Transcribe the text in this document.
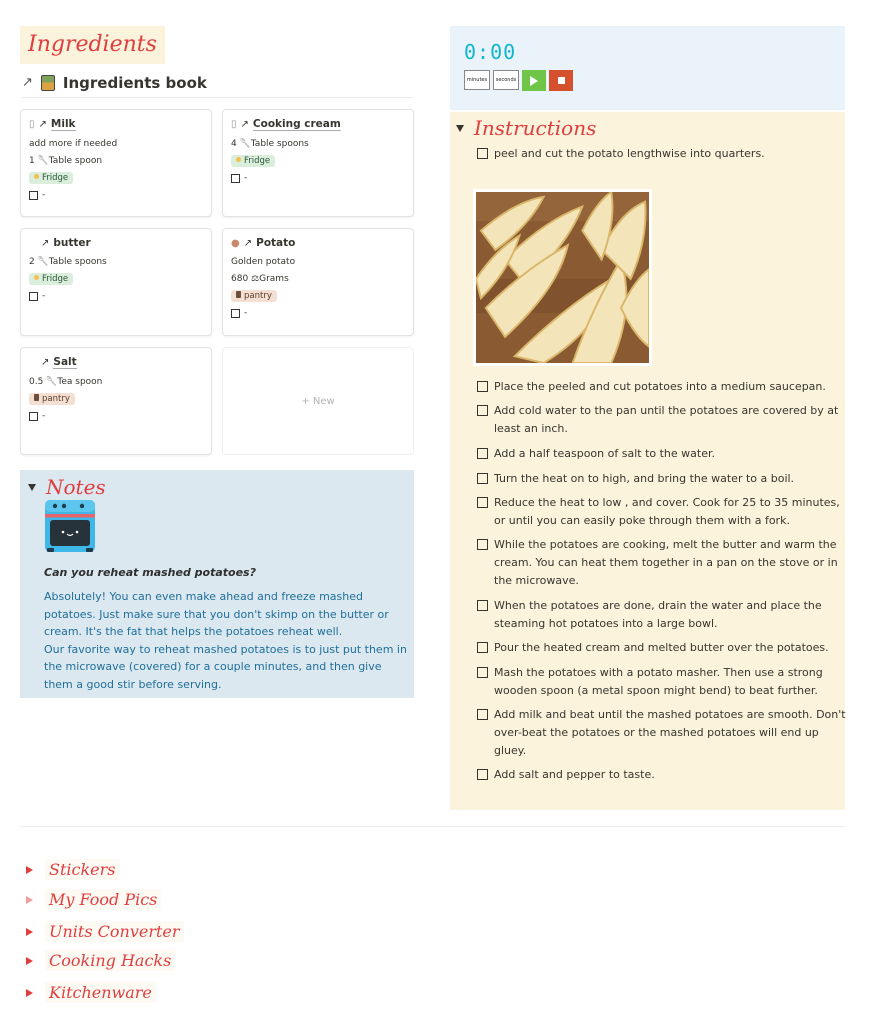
Ingredients
↗ Ingredients book
▯ ↗ Milk
add more if needed
1 🥄Table spoon
Fridge
-
▯ ↗ Cooking cream
4 🥄Table spoons
Fridge
-
↗ butter
2 🥄Table spoons
Fridge
-
● ↗ Potato
Golden potato
680 ⚖Grams
pantry
-
↗ Salt
0.5 🥄Tea spoon
pantry
-
+ New
Notes
Can you reheat mashed potatoes?
Absolutely! You can even make ahead and freeze mashed potatoes. Just make sure that you don't skimp on the butter or cream. It's the fat that helps the potatoes reheat well.
Our favorite way to reheat mashed potatoes is to just put them in the microwave (covered) for a couple minutes, and then give them a good stir before serving.
0:00
minutes	seconds
Instructions
peel and cut the potato lengthwise into quarters.
Place the peeled and cut potatoes into a medium saucepan.
Add cold water to the pan until the potatoes are covered by at least an inch.
Add a half teaspoon of salt to the water.
Turn the heat on to high, and bring the water to a boil.
Reduce the heat to low , and cover. Cook for 25 to 35 minutes, or until you can easily poke through them with a fork.
While the potatoes are cooking, melt the butter and warm the cream. You can heat them together in a pan on the stove or in the microwave.
When the potatoes are done, drain the water and place the steaming hot potatoes into a large bowl.
Pour the heated cream and melted butter over the potatoes.
Mash the potatoes with a potato masher. Then use a strong wooden spoon (a metal spoon might bend) to beat further.
Add milk and beat until the mashed potatoes are smooth. Don't over-beat the potatoes or the mashed potatoes will end up gluey.
Add salt and pepper to taste.
Stickers
My Food Pics
Units Converter
Cooking Hacks
Kitchenware
